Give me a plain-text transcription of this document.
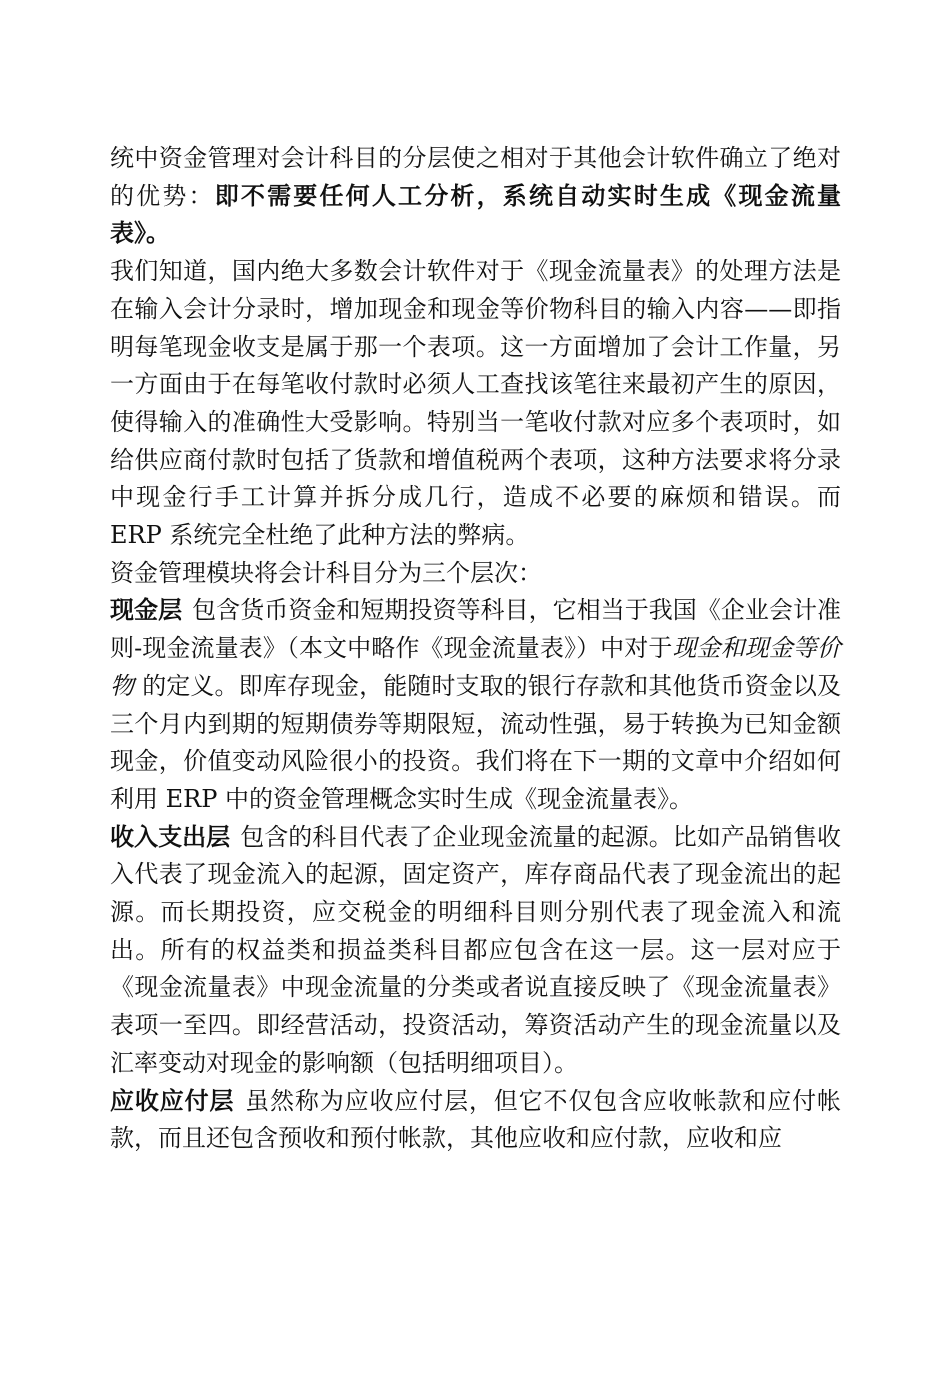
统中资金管理对会计科目的分层使之相对于其他会计软件确立了绝对的优势：即不需要任何人工分析，系统自动实时生成《现金流量表》。

我们知道，国内绝大多数会计软件对于《现金流量表》的处理方法是在输入会计分录时，增加现金和现金等价物科目的输入内容——即指明每笔现金收支是属于那一个表项。这一方面增加了会计工作量，另一方面由于在每笔收付款时必须人工查找该笔往来最初产生的原因，使得输入的准确性大受影响。特别当一笔收付款对应多个表项时，如给供应商付款时包括了货款和增值税两个表项，这种方法要求将分录中现金行手工计算并拆分成几行，造成不必要的麻烦和错误。而 ERP 系统完全杜绝了此种方法的弊病。

资金管理模块将会计科目分为三个层次：

现金层 包含货币资金和短期投资等科目，它相当于我国《企业会计准则-现金流量表》（本文中略作《现金流量表》）中对于现金和现金等价物 的定义。即库存现金，能随时支取的银行存款和其他货币资金以及三个月内到期的短期债券等期限短，流动性强，易于转换为已知金额现金，价值变动风险很小的投资。我们将在下一期的文章中介绍如何利用 ERP 中的资金管理概念实时生成《现金流量表》。

收入支出层 包含的科目代表了企业现金流量的起源。比如产品销售收入代表了现金流入的起源，固定资产，库存商品代表了现金流出的起源。而长期投资，应交税金的明细科目则分别代表了现金流入和流出。所有的权益类和损益类科目都应包含在这一层。这一层对应于《现金流量表》中现金流量的分类或者说直接反映了《现金流量表》表项一至四。即经营活动，投资活动，筹资活动产生的现金流量以及汇率变动对现金的影响额（包括明细项目）。

应收应付层 虽然称为应收应付层，但它不仅包含应收帐款和应付帐款，而且还包含预收和预付帐款，其他应收和应付款，应收和应
